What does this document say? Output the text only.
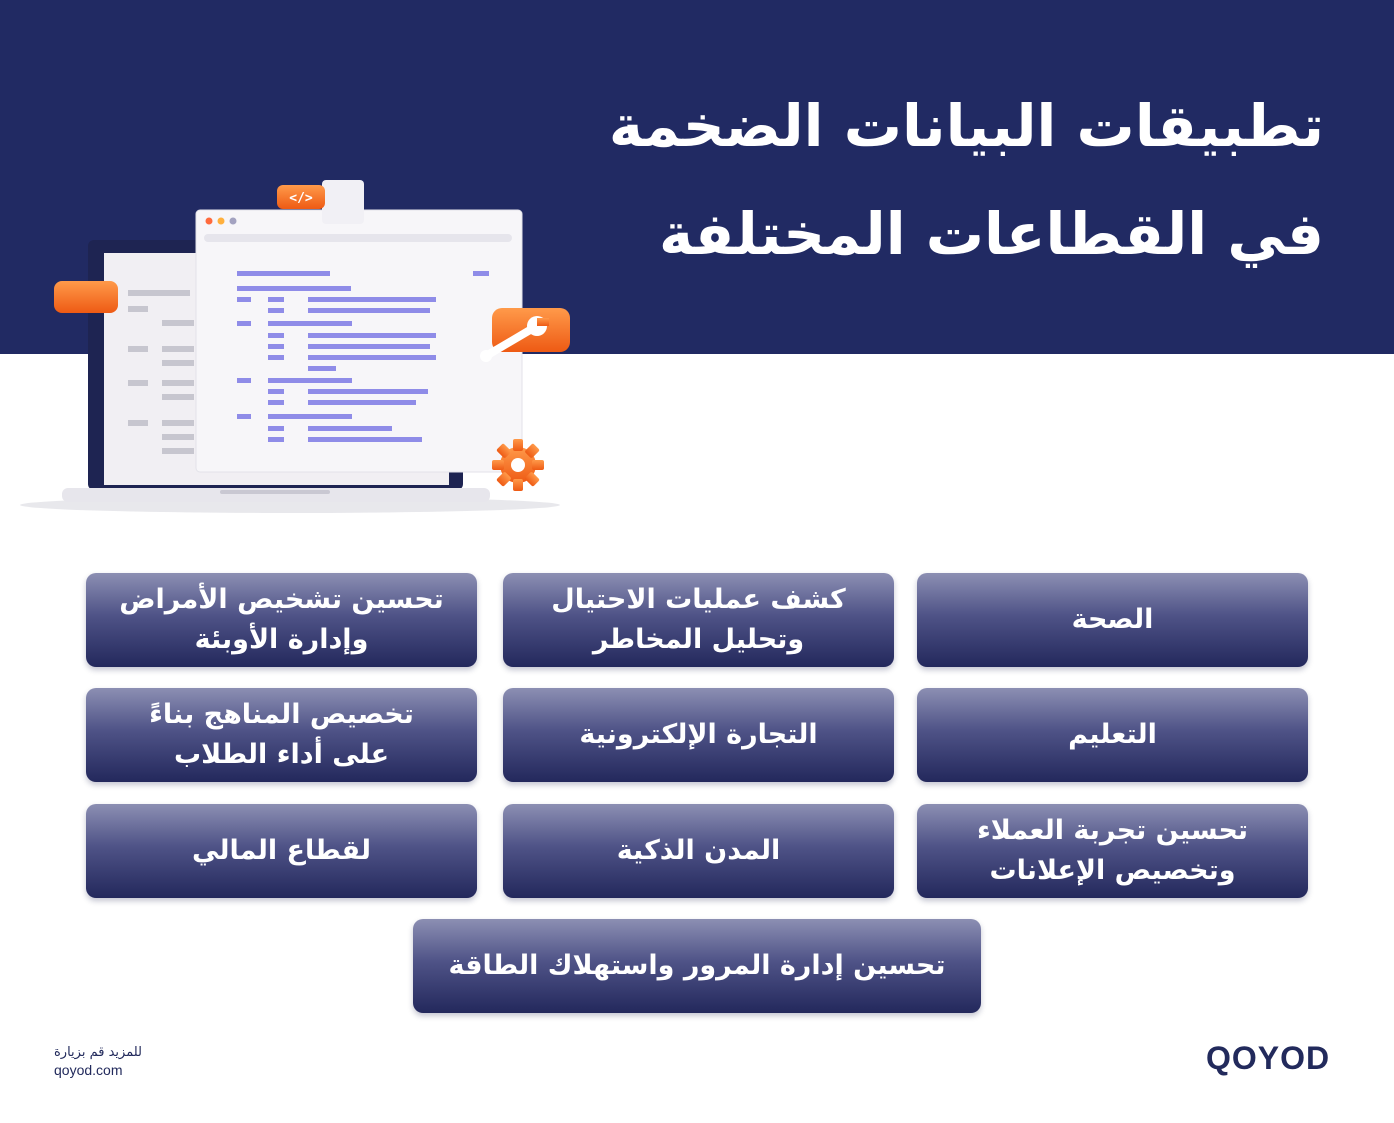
تطبيقات البيانات الضخمة
في القطاعات المختلفة
</>
الصحة
كشف عمليات الاحتيال
وتحليل المخاطر
تحسين تشخيص الأمراض
وإدارة الأوبئة
التعليم
التجارة الإلكترونية
تخصيص المناهج بناءً
على أداء الطلاب
تحسين تجربة العملاء
وتخصيص الإعلانات
المدن الذكية
لقطاع المالي
تحسين إدارة المرور واستهلاك الطاقة
للمزيد قم بزيارة
qoyod.com	QOYOD
